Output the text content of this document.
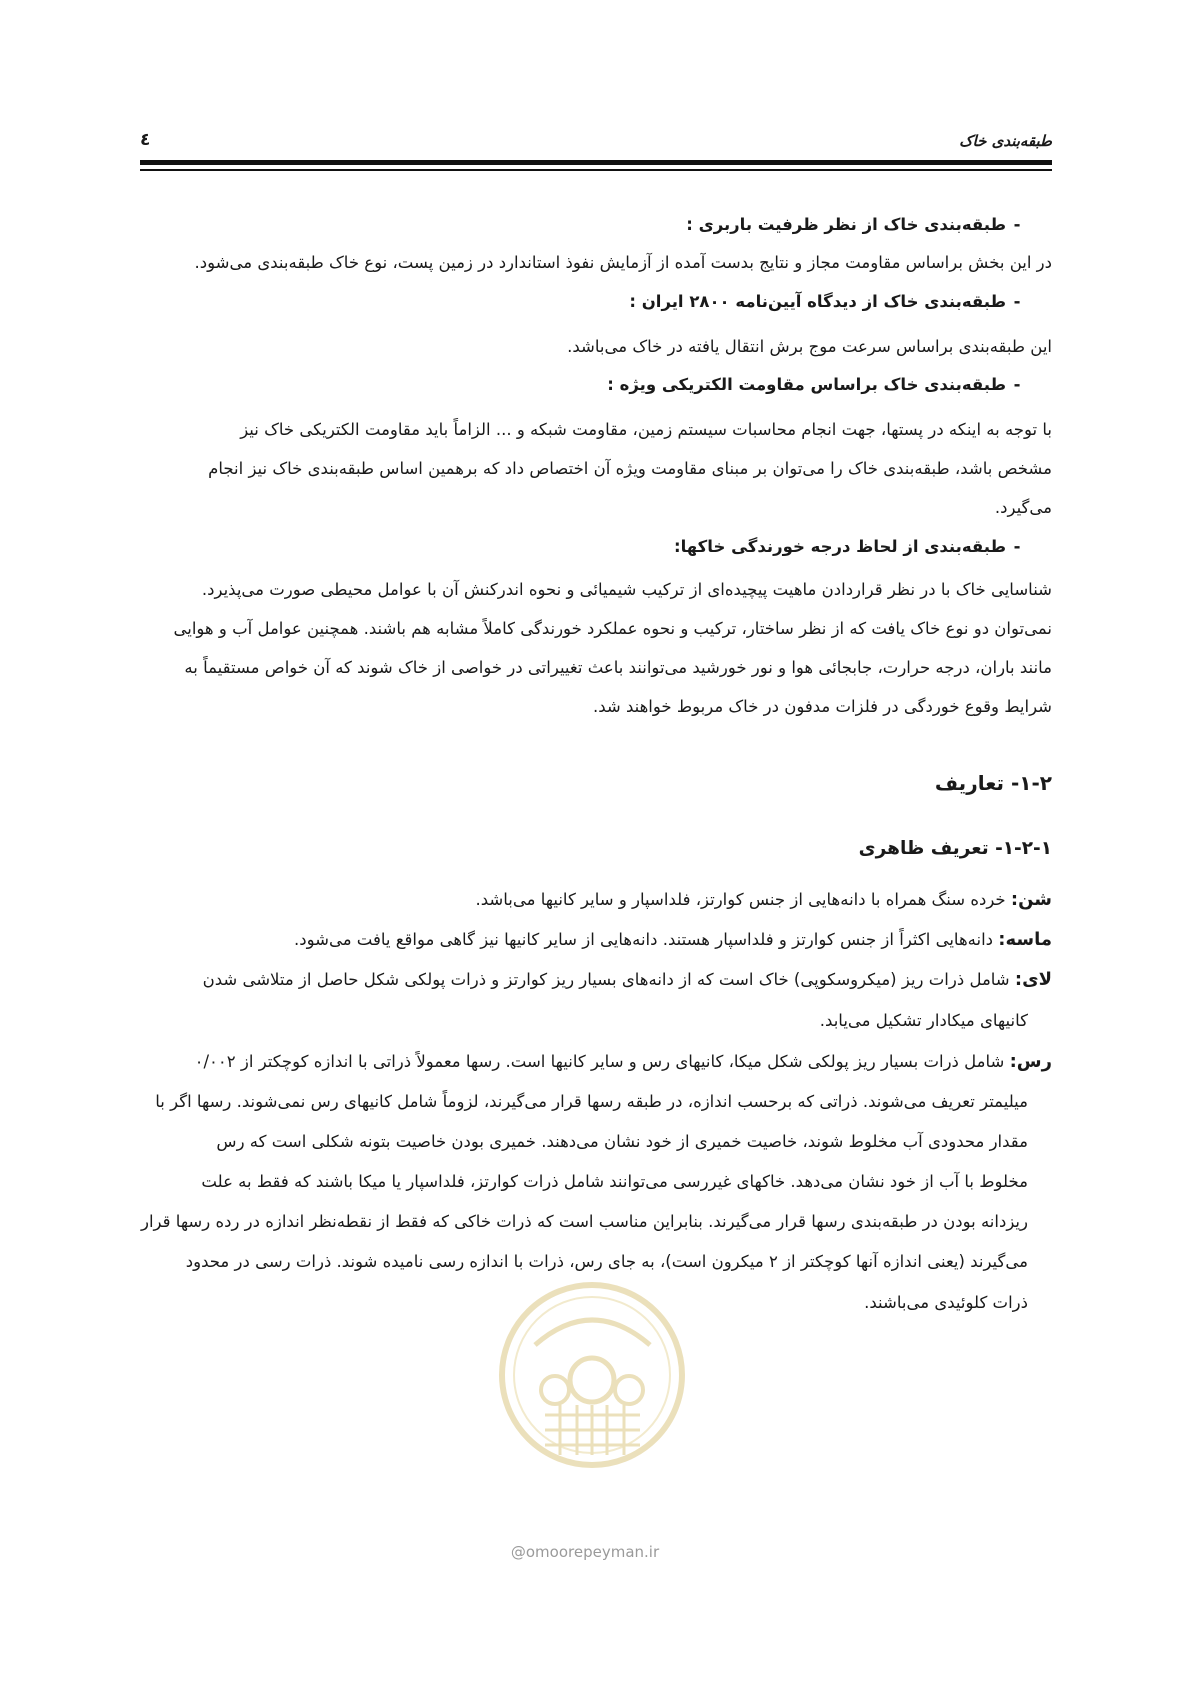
طبقه‌بندی خاک
٤
-طبقه‌بندی خاک از نظر ظرفیت باربری :
در این بخش براساس مقاومت مجاز و نتایج بدست آمده از آزمایش نفوذ استاندارد در زمین پست، نوع خاک طبقه‌بندی می‌شود.
-طبقه‌بندی خاک از دیدگاه آیین‌نامه ۲۸۰۰ ایران :
این طبقه‌بندی براساس سرعت موج برش انتقال یافته در خاک می‌باشد.
-طبقه‌بندی خاک براساس مقاومت الکتریکی ویژه :
با توجه به اینکه در پستها، جهت انجام محاسبات سیستم زمین، مقاومت شبکه و ... الزاماً باید مقاومت الکتریکی خاک نیز
مشخص باشد، طبقه‌بندی خاک را می‌توان بر مبنای مقاومت ویژه آن اختصاص داد که برهمین اساس طبقه‌بندی خاک نیز انجام
می‌گیرد.
-طبقه‌بندی از لحاظ درجه خورندگی خاکها:
شناسایی خاک با در نظر قراردادن ماهیت پیچیده‌ای از ترکیب شیمیائی و نحوه اندرکنش آن با عوامل محیطی صورت می‌پذیرد.
نمی‌توان دو نوع خاک یافت که از نظر ساختار، ترکیب و نحوه عملکرد خورندگی کاملاً مشابه هم باشند. همچنین عوامل آب و هوایی
مانند باران، درجه حرارت، جابجائی هوا و نور خورشید می‌توانند باعث تغییراتی در خواصی از خاک شوند که آن خواص مستقیماً به
شرایط وقوع خوردگی در فلزات مدفون در خاک مربوط خواهند شد.
۱-۲- تعاریف
۱-۲-۱- تعریف ظاهری
شن: خرده سنگ همراه با دانه‌هایی از جنس کوارتز، فلداسپار و سایر کانیها می‌باشد.
ماسه: دانه‌هایی اکثراً از جنس کوارتز و فلداسپار هستند. دانه‌هایی از سایر کانیها نیز گاهی مواقع یافت می‌شود.
لای: شامل ذرات ریز (میکروسکوپی) خاک است که از دانه‌های بسیار ریز کوارتز و ذرات پولکی شکل حاصل از متلاشی شدن
کانیهای میکادار تشکیل می‌یابد.
رس: شامل ذرات بسیار ریز پولکی شکل میکا، کانیهای رس و سایر کانیها است. رسها معمولاً ذراتی با اندازه کوچکتر از ۰/۰۰۲
میلیمتر تعریف می‌شوند. ذراتی که برحسب اندازه، در طبقه رسها قرار می‌گیرند، لزوماً شامل کانیهای رس نمی‌شوند. رسها اگر با
مقدار محدودی آب مخلوط شوند، خاصیت خمیری از خود نشان می‌دهند. خمیری بودن خاصیت بتونه شکلی است که رس
مخلوط با آب از خود نشان می‌دهد. خاکهای غیررسی می‌توانند شامل ذرات کوارتز، فلداسپار یا میکا باشند که فقط به علت
ریزدانه بودن در طبقه‌بندی رسها قرار می‌گیرند. بنابراین مناسب است که ذرات خاکی که فقط از نقطه‌نظر اندازه در رده رسها قرار
می‌گیرند (یعنی اندازه آنها کوچکتر از ۲ میکرون است)، به جای رس، ذرات با اندازه رسی نامیده شوند. ذرات رسی در محدود
ذرات کلوئیدی می‌باشند.
@omoorepeyman.ir
